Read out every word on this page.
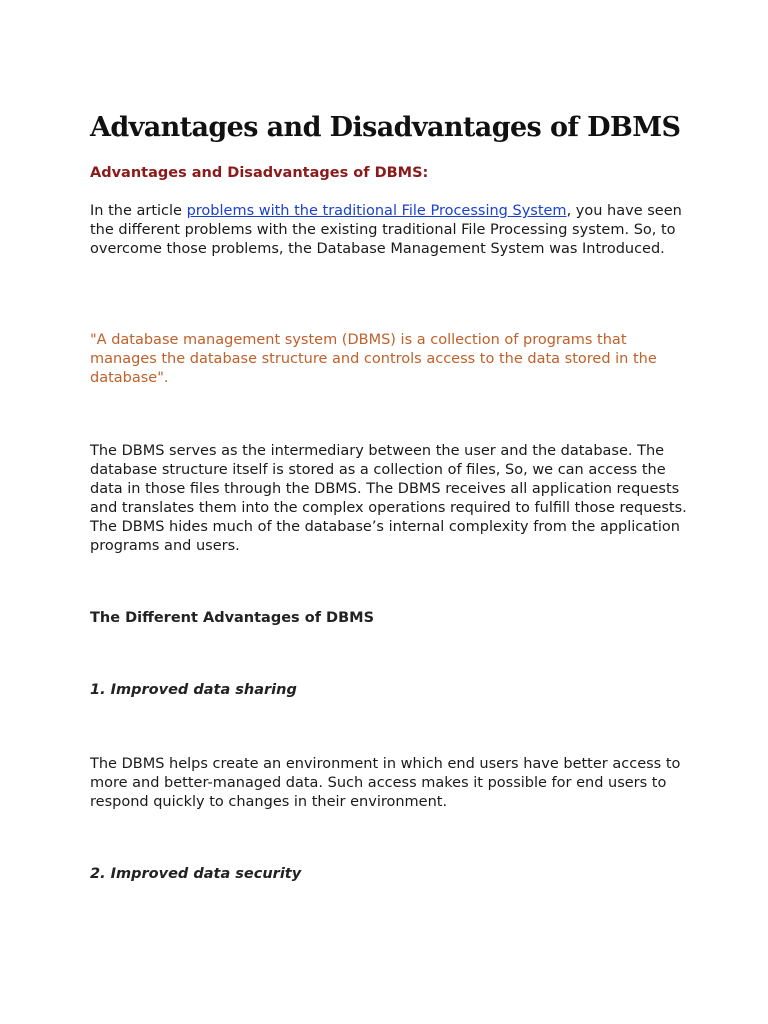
Advantages and Disadvantages of DBMS
Advantages and Disadvantages of DBMS:

In the article problems with the traditional File Processing System, you have seen the different problems with the existing traditional File Processing system. So, to overcome those problems, the Database Management System was Introduced.

"A database management system (DBMS) is a collection of programs that manages the database structure and controls access to the data stored in the database".

The DBMS serves as the intermediary between the user and the database. The database structure itself is stored as a collection of files, So, we can access the data in those files through the DBMS. The DBMS receives all application requests and translates them into the complex operations required to fulfill those requests. The DBMS hides much of the database’s internal complexity from the application programs and users.

The Different Advantages of DBMS
1. Improved data sharing

The DBMS helps create an environment in which end users have better access to more and better-managed data. Such access makes it possible for end users to respond quickly to changes in their environment.

2. Improved data security
